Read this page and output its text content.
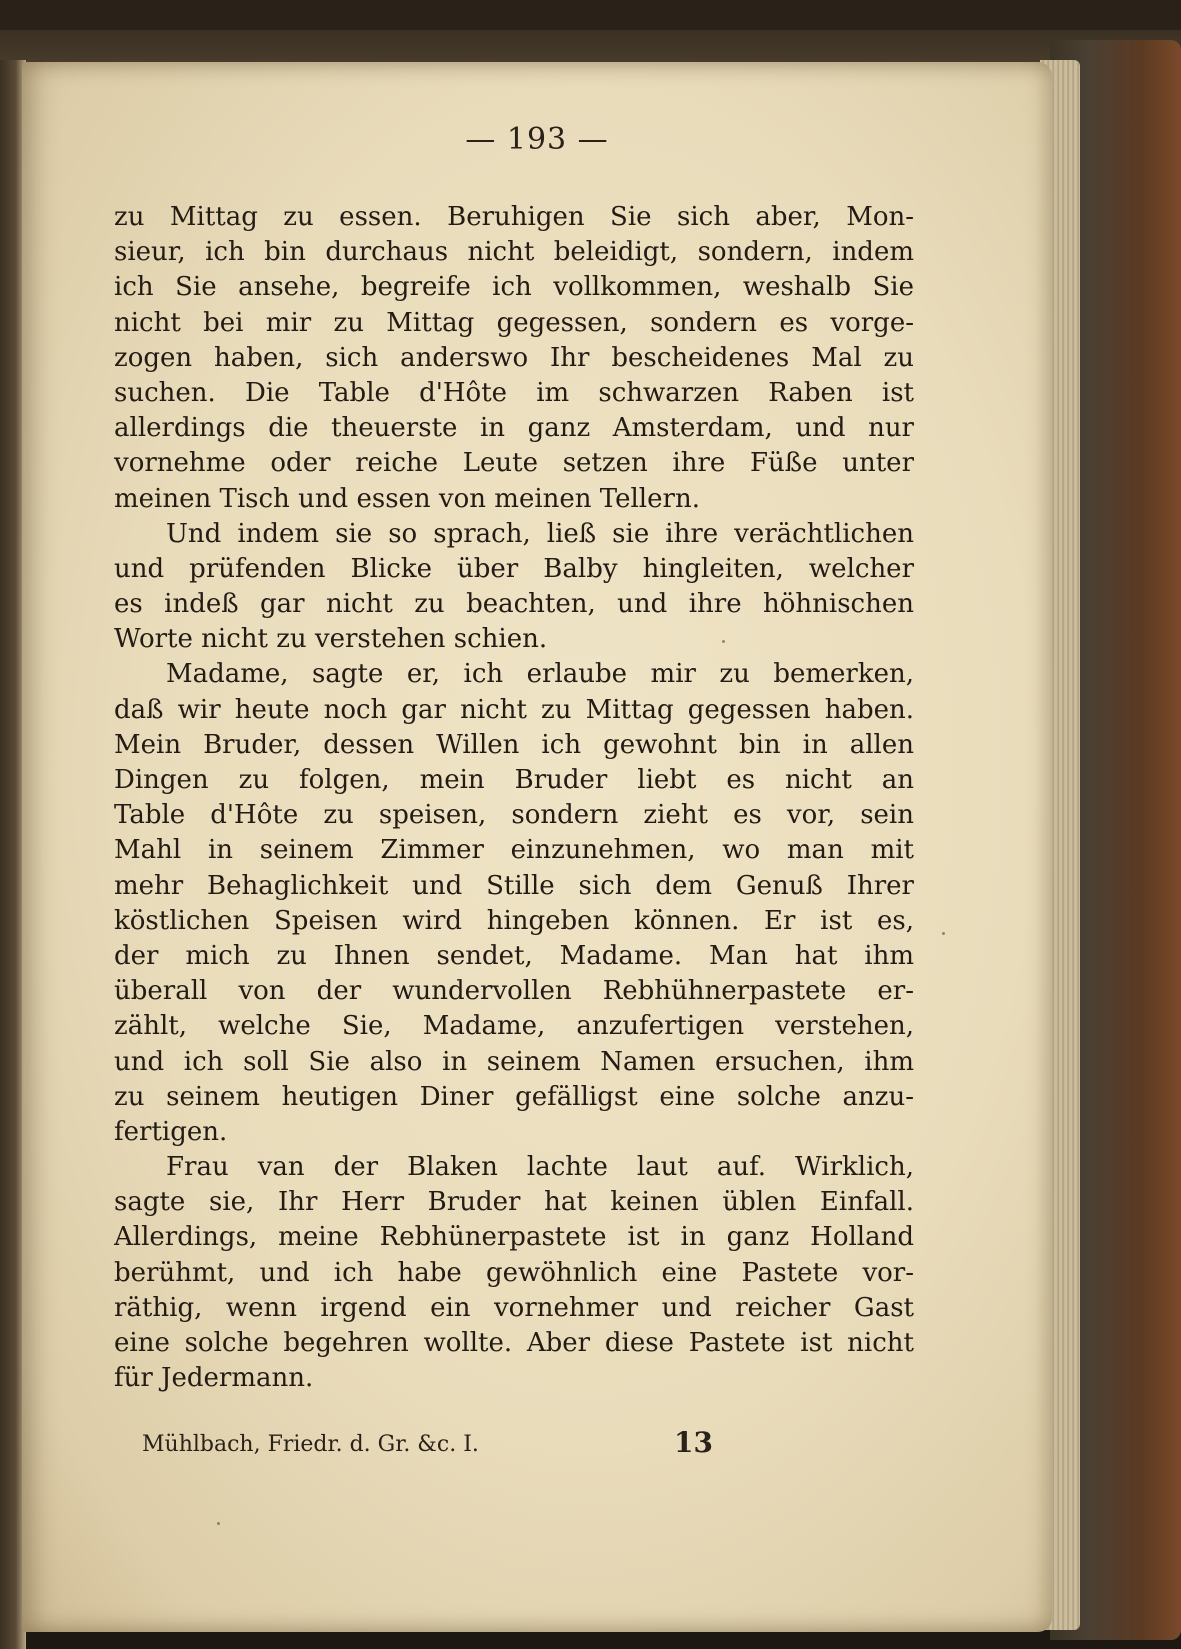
— 193 —
zu Mittag zu essen. Beruhigen Sie sich aber, Mon-
sieur, ich bin durchaus nicht beleidigt, sondern, indem
ich Sie ansehe, begreife ich vollkommen, weshalb Sie
nicht bei mir zu Mittag gegessen, sondern es vorge-
zogen haben, sich anderswo Ihr bescheidenes Mal zu
suchen. Die Table d'Hôte im schwarzen Raben ist
allerdings die theuerste in ganz Amsterdam, und nur
vornehme oder reiche Leute setzen ihre Füße unter
meinen Tisch und essen von meinen Tellern.
Und indem sie so sprach, ließ sie ihre verächtlichen
und prüfenden Blicke über Balby hingleiten, welcher
es indeß gar nicht zu beachten, und ihre höhnischen
Worte nicht zu verstehen schien.
Madame, sagte er, ich erlaube mir zu bemerken,
daß wir heute noch gar nicht zu Mittag gegessen haben.
Mein Bruder, dessen Willen ich gewohnt bin in allen
Dingen zu folgen, mein Bruder liebt es nicht an
Table d'Hôte zu speisen, sondern zieht es vor, sein
Mahl in seinem Zimmer einzunehmen, wo man mit
mehr Behaglichkeit und Stille sich dem Genuß Ihrer
köstlichen Speisen wird hingeben können. Er ist es,
der mich zu Ihnen sendet, Madame. Man hat ihm
überall von der wundervollen Rebhühnerpastete er-
zählt, welche Sie, Madame, anzufertigen verstehen,
und ich soll Sie also in seinem Namen ersuchen, ihm
zu seinem heutigen Diner gefälligst eine solche anzu-
fertigen.
Frau van der Blaken lachte laut auf. Wirklich,
sagte sie, Ihr Herr Bruder hat keinen üblen Einfall.
Allerdings, meine Rebhünerpastete ist in ganz Holland
berühmt, und ich habe gewöhnlich eine Pastete vor-
räthig, wenn irgend ein vornehmer und reicher Gast
eine solche begehren wollte. Aber diese Pastete ist nicht
für Jedermann.
Mühlbach, Friedr. d. Gr. &c. I.	13
